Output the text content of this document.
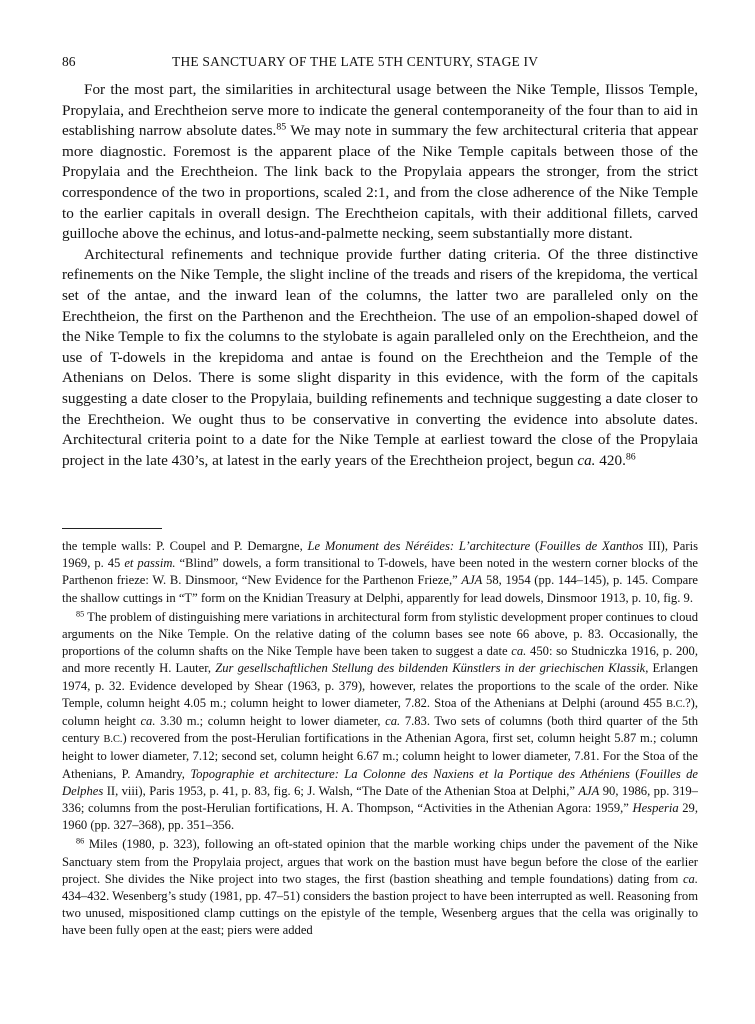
86	THE SANCTUARY OF THE LATE 5TH CENTURY, STAGE IV

For the most part, the similarities in architectural usage between the Nike Temple, Ilissos Temple, Propylaia, and Erechtheion serve more to indicate the general contemporaneity of the four than to aid in establishing narrow absolute dates.$^{85}$ We may note in summary the few architectural criteria that appear more diagnostic. Foremost is the apparent place of the Nike Temple capitals between those of the Propylaia and the Erechtheion. The link back to the Propylaia appears the stronger, from the strict correspondence of the two in proportions, scaled 2:1, and from the close adherence of the Nike Temple to the earlier capitals in overall design. The Erechtheion capitals, with their additional fillets, carved guilloche above the echinus, and lotus-and-palmette necking, seem substantially more distant.

Architectural refinements and technique provide further dating criteria. Of the three distinctive refinements on the Nike Temple, the slight incline of the treads and risers of the krepidoma, the vertical set of the antae, and the inward lean of the columns, the latter two are paralleled only on the Erechtheion, the first on the Parthenon and the Erechtheion. The use of an empolion-shaped dowel of the Nike Temple to fix the columns to the stylobate is again paralleled only on the Erechtheion, and the use of T-dowels in the krepidoma and antae is found on the Erechtheion and the Temple of the Athenians on Delos. There is some slight disparity in this evidence, with the form of the capitals suggesting a date closer to the Propylaia, building refinements and technique suggesting a date closer to the Erechtheion. We ought thus to be conservative in converting the evidence into absolute dates. Architectural criteria point to a date for the Nike Temple at earliest toward the close of the Propylaia project in the late 430’s, at latest in the early years of the Erechtheion project, begun ca. 420.86

the temple walls: P. Coupel and P. Demargne, Le Monument des Néréides: L’architecture (Fouilles de Xanthos III), Paris 1969, p. 45 et passim. “Blind” dowels, a form transitional to T-dowels, have been noted in the western corner blocks of the Parthenon frieze: W. B. Dinsmoor, “New Evidence for the Parthenon Frieze,” AJA 58, 1954 (pp. 144–145), p. 145. Compare the shallow cuttings in “T” form on the Knidian Treasury at Delphi, apparently for lead dowels, Dinsmoor 1913, p. 10, fig. 9.

$^{85}$ The problem of distinguishing mere variations in architectural form from stylistic development proper continues to cloud arguments on the Nike Temple. On the relative dating of the column bases see note 66 above, p. 83. Occasionally, the proportions of the column shafts on the Nike Temple have been taken to suggest a date ca. 450: so Studniczka 1916, p. 200, and more recently H. Lauter, Zur gesellschaftlichen Stellung des bildenden Künstlers in der griechischen Klassik, Erlangen 1974, p. 32. Evidence developed by Shear (1963, p. 379), however, relates the proportions to the scale of the order. Nike Temple, column height 4.05 m.; column height to lower diameter, 7.82. Stoa of the Athenians at Delphi (around 455 B.C.?), column height ca. 3.30 m.; column height to lower diameter, ca. 7.83. Two sets of columns (both third quarter of the 5th century B.C.) recovered from the post-Herulian fortifications in the Athenian Agora, first set, column height 5.87 m.; column height to lower diameter, 7.12; second set, column height 6.67 m.; column height to lower diameter, 7.81. For the Stoa of the Athenians, P. Amandry, Topographie et architecture: La Colonne des Naxiens et la Portique des Athéniens (Fouilles de Delphes II, viii), Paris 1953, p. 41, p. 83, fig. 6; J. Walsh, “The Date of the Athenian Stoa at Delphi,” AJA 90, 1986, pp. 319–336; columns from the post-Herulian fortifications, H. A. Thompson, “Activities in the Athenian Agora: 1959,” Hesperia 29, 1960 (pp. 327–368), pp. 351–356.

$^{86}$ Miles (1980, p. 323), following an oft-stated opinion that the marble working chips under the pavement of the Nike Sanctuary stem from the Propylaia project, argues that work on the bastion must have begun before the close of the earlier project. She divides the Nike project into two stages, the first (bastion sheathing and temple foundations) dating from ca. 434–432. Wesenberg’s study (1981, pp. 47–51) considers the bastion project to have been interrupted as well. Reasoning from two unused, mispositioned clamp cuttings on the epistyle of the temple, Wesenberg argues that the cella was originally to have been fully open at the east; piers were added
